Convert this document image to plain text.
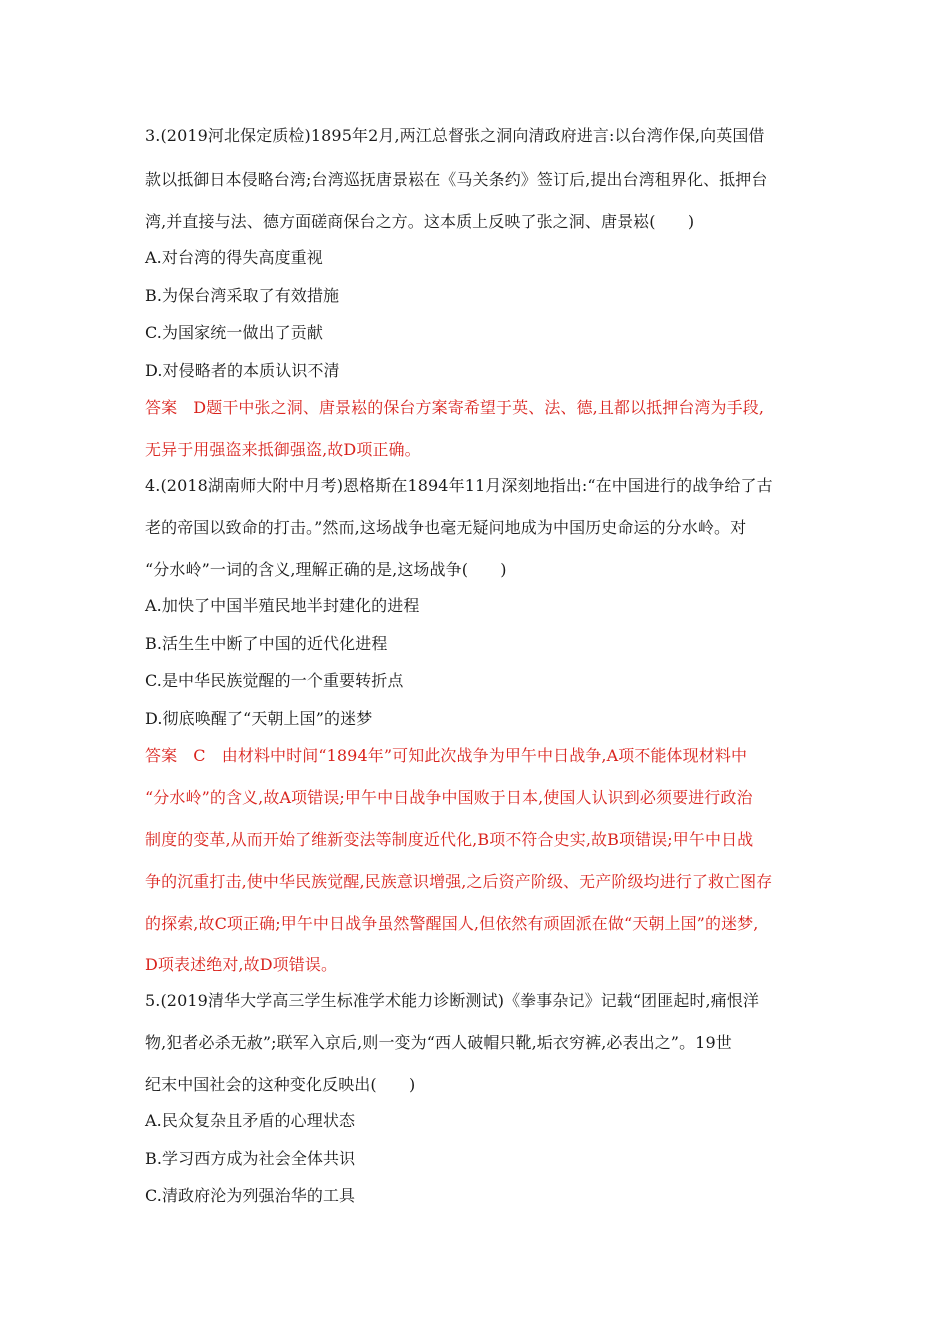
3.(2019河北保定质检)1895年2月,两江总督张之洞向清政府进言:以台湾作保,向英国借
款以抵御日本侵略台湾;台湾巡抚唐景崧在《马关条约》签订后,提出台湾租界化、抵押台
湾,并直接与法、德方面磋商保台之方。这本质上反映了张之洞、唐景崧(　　)
A.对台湾的得失高度重视
B.为保台湾采取了有效措施
C.为国家统一做出了贡献
D.对侵略者的本质认识不清
答案　D题干中张之洞、唐景崧的保台方案寄希望于英、法、德,且都以抵押台湾为手段,
无异于用强盗来抵御强盗,故D项正确。
4.(2018湖南师大附中月考)恩格斯在1894年11月深刻地指出:“在中国进行的战争给了古
老的帝国以致命的打击。”然而,这场战争也毫无疑问地成为中国历史命运的分水岭。对
“分水岭”一词的含义,理解正确的是,这场战争(　　)
A.加快了中国半殖民地半封建化的进程
B.活生生中断了中国的近代化进程
C.是中华民族觉醒的一个重要转折点
D.彻底唤醒了“天朝上国”的迷梦
答案　C　由材料中时间“1894年”可知此次战争为甲午中日战争,A项不能体现材料中
“分水岭”的含义,故A项错误;甲午中日战争中国败于日本,使国人认识到必须要进行政治
制度的变革,从而开始了维新变法等制度近代化,B项不符合史实,故B项错误;甲午中日战
争的沉重打击,使中华民族觉醒,民族意识增强,之后资产阶级、无产阶级均进行了救亡图存
的探索,故C项正确;甲午中日战争虽然警醒国人,但依然有顽固派在做“天朝上国”的迷梦,
D项表述绝对,故D项错误。
5.(2019清华大学高三学生标准学术能力诊断测试)《拳事杂记》记载“团匪起时,痛恨洋
物,犯者必杀无赦”;联军入京后,则一变为“西人破帽只靴,垢衣穷裤,必表出之”。19世
纪末中国社会的这种变化反映出(　　)
A.民众复杂且矛盾的心理状态
B.学习西方成为社会全体共识
C.清政府沦为列强治华的工具
